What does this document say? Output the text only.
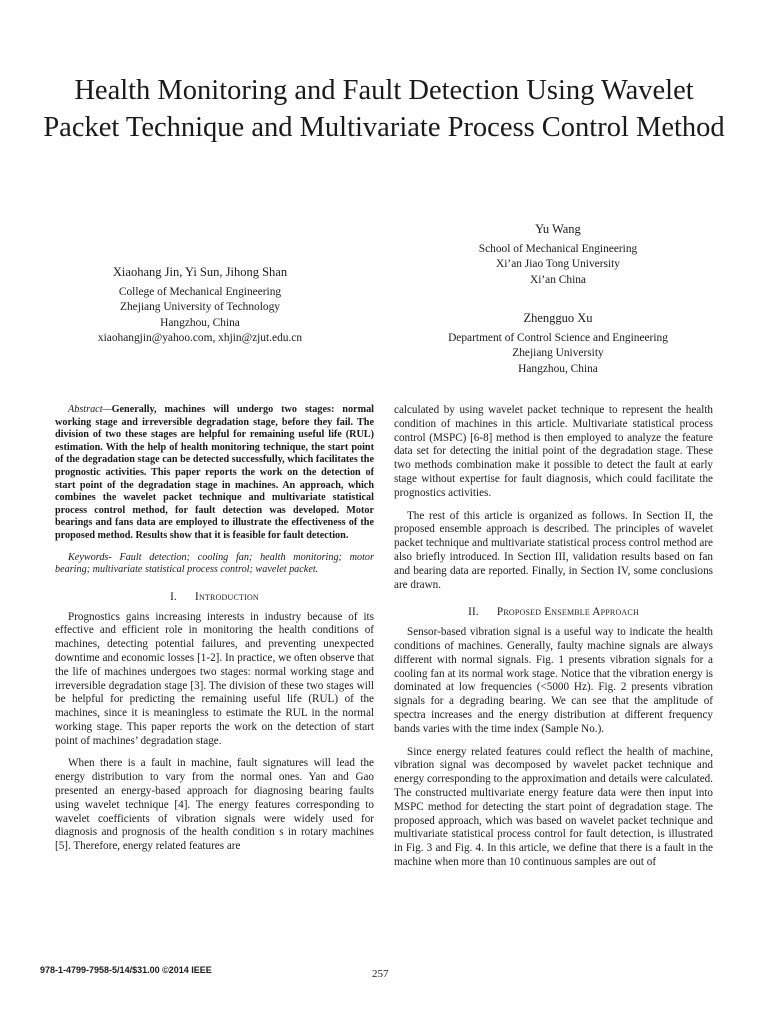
Health Monitoring and Fault Detection Using Wavelet Packet Technique and Multivariate Process Control Method
Xiaohang Jin, Yi Sun, Jihong Shan
College of Mechanical Engineering
Zhejiang University of Technology
Hangzhou, China
xiaohangjin@yahoo.com, xhjin@zjut.edu.cn
Yu Wang
School of Mechanical Engineering
Xi’an Jiao Tong University
Xi’an China
Zhengguo Xu
Department of Control Science and Engineering
Zhejiang University
Hangzhou, China

Abstract—Generally, machines will undergo two stages: normal working stage and irreversible degradation stage, before they fail. The division of two these stages are helpful for remaining useful life (RUL) estimation. With the help of health monitoring technique, the start point of the degradation stage can be detected successfully, which facilitates the prognostic activities. This paper reports the work on the detection of start point of the degradation stage in machines. An approach, which combines the wavelet packet technique and multivariate statistical process control method, for fault detection was developed. Motor bearings and fans data are employed to illustrate the effectiveness of the proposed method. Results show that it is feasible for fault detection.

Keywords- Fault detection; cooling fan; health monitoring; motor bearing; multivariate statistical process control; wavelet packet.

I. Introduction

Prognostics gains increasing interests in industry because of its effective and efficient role in monitoring the health conditions of machines, detecting potential failures, and preventing unexpected downtime and economic losses [1-2]. In practice, we often observe that the life of machines undergoes two stages: normal working stage and irreversible degradation stage [3]. The division of these two stages will be helpful for predicting the remaining useful life (RUL) of the machines, since it is meaningless to estimate the RUL in the normal working stage. This paper reports the work on the detection of start point of machines’ degradation stage.

When there is a fault in machine, fault signatures will lead the energy distribution to vary from the normal ones. Yan and Gao presented an energy-based approach for diagnosing bearing faults using wavelet technique [4]. The energy features corresponding to wavelet coefficients of vibration signals were widely used for diagnosis and prognosis of the health condition s in rotary machines [5]. Therefore, energy related features are

calculated by using wavelet packet technique to represent the health condition of machines in this article. Multivariate statistical process control (MSPC) [6-8] method is then employed to analyze the feature data set for detecting the initial point of the degradation stage. These two methods combination make it possible to detect the fault at early stage without expertise for fault diagnosis, which could facilitate the prognostics activities.

The rest of this article is organized as follows. In Section II, the proposed ensemble approach is described. The principles of wavelet packet technique and multivariate statistical process control method are also briefly introduced. In Section III, validation results based on fan and bearing data are reported. Finally, in Section IV, some conclusions are drawn.

II. Proposed Ensemble Approach

Sensor-based vibration signal is a useful way to indicate the health conditions of machines. Generally, faulty machine signals are always different with normal signals. Fig. 1 presents vibration signals for a cooling fan at its normal work stage. Notice that the vibration energy is dominated at low frequencies (<5000 Hz). Fig. 2 presents vibration signals for a degrading bearing. We can see that the amplitude of spectra increases and the energy distribution at different frequency bands varies with the time index (Sample No.).

Since energy related features could reflect the health of machine, vibration signal was decomposed by wavelet packet technique and energy corresponding to the approximation and details were calculated. The constructed multivariate energy feature data were then input into MSPC method for detecting the start point of degradation stage. The proposed approach, which was based on wavelet packet technique and multivariate statistical process control for fault detection, is illustrated in Fig. 3 and Fig. 4. In this article, we define that there is a fault in the machine when more than 10 continuous samples are out of

978-1-4799-7958-5/14/$31.00 ©2014 IEEE	257
